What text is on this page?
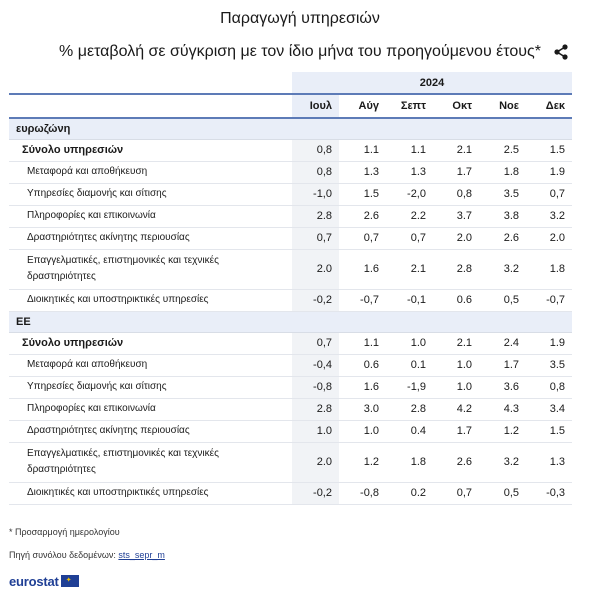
Παραγωγή υπηρεσιών
% μεταβολή σε σύγκριση με τον ίδιο μήνα του προηγούμενου έτους*
	2024					
	Ιουλ	Αύγ	Σεπτ	Οκτ	Νοε	Δεκ
ευρωζώνη						
Σύνολο υπηρεσιών	0,8	1.1	1.1	2.1	2.5	1.5
Μεταφορά και αποθήκευση	0,8	1.3	1.3	1.7	1.8	1.9
Υπηρεσίες διαμονής και σίτισης	-1,0	1.5	-2,0	0,8	3.5	0,7
Πληροφορίες και επικοινωνία	2.8	2.6	2.2	3.7	3.8	3.2
Δραστηριότητες ακίνητης περιουσίας	0,7	0,7	0,7	2.0	2.6	2.0
Επαγγελματικές, επιστημονικές και τεχνικές δραστηριότητες	2.0	1.6	2.1	2.8	3.2	1.8
Διοικητικές και υποστηρικτικές υπηρεσίες	-0,2	-0,7	-0,1	0.6	0,5	-0,7
ΕΕ						
Σύνολο υπηρεσιών	0,7	1.1	1.0	2.1	2.4	1.9
Μεταφορά και αποθήκευση	-0,4	0.6	0.1	1.0	1.7	3.5
Υπηρεσίες διαμονής και σίτισης	-0,8	1.6	-1,9	1.0	3.6	0,8
Πληροφορίες και επικοινωνία	2.8	3.0	2.8	4.2	4.3	3.4
Δραστηριότητες ακίνητης περιουσίας	1.0	1.0	0.4	1.7	1.2	1.5
Επαγγελματικές, επιστημονικές και τεχνικές δραστηριότητες	2.0	1.2	1.8	2.6	3.2	1.3
Διοικητικές και υποστηρικτικές υπηρεσίες	-0,2	-0,8	0.2	0,7	0,5	-0,3
* Προσαρμογή ημερολογίου
Πηγή συνόλου δεδομένων: sts_sepr_m
eurostat ✦
